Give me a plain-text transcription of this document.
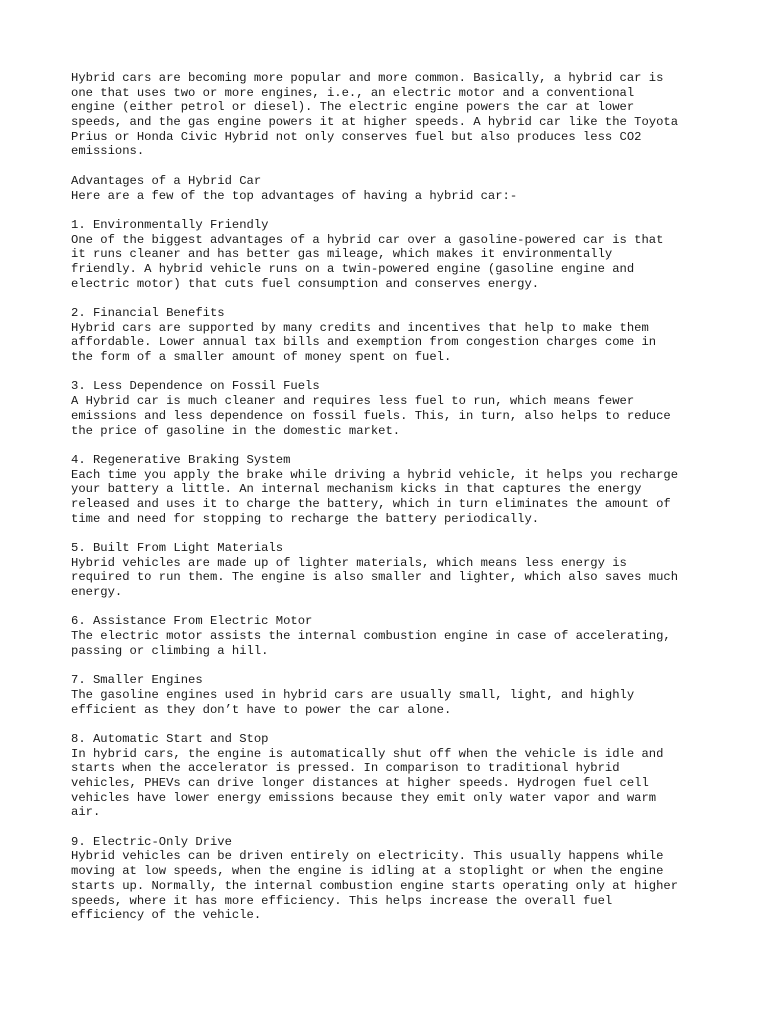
Hybrid cars are becoming more popular and more common. Basically, a hybrid car is
one that uses two or more engines, i.e., an electric motor and a conventional
engine (either petrol or diesel). The electric engine powers the car at lower
speeds, and the gas engine powers it at higher speeds. A hybrid car like the Toyota
Prius or Honda Civic Hybrid not only conserves fuel but also produces less CO2
emissions.
Advantages of a Hybrid Car
Here are a few of the top advantages of having a hybrid car:-
1. Environmentally Friendly
One of the biggest advantages of a hybrid car over a gasoline-powered car is that
it runs cleaner and has better gas mileage, which makes it environmentally
friendly. A hybrid vehicle runs on a twin-powered engine (gasoline engine and
electric motor) that cuts fuel consumption and conserves energy.
2. Financial Benefits
Hybrid cars are supported by many credits and incentives that help to make them
affordable. Lower annual tax bills and exemption from congestion charges come in
the form of a smaller amount of money spent on fuel.
3. Less Dependence on Fossil Fuels
A Hybrid car is much cleaner and requires less fuel to run, which means fewer
emissions and less dependence on fossil fuels. This, in turn, also helps to reduce
the price of gasoline in the domestic market.
4. Regenerative Braking System
Each time you apply the brake while driving a hybrid vehicle, it helps you recharge
your battery a little. An internal mechanism kicks in that captures the energy
released and uses it to charge the battery, which in turn eliminates the amount of
time and need for stopping to recharge the battery periodically.
5. Built From Light Materials
Hybrid vehicles are made up of lighter materials, which means less energy is
required to run them. The engine is also smaller and lighter, which also saves much
energy.
6. Assistance From Electric Motor
The electric motor assists the internal combustion engine in case of accelerating,
passing or climbing a hill.
7. Smaller Engines
The gasoline engines used in hybrid cars are usually small, light, and highly
efficient as they don’t have to power the car alone.
8. Automatic Start and Stop
In hybrid cars, the engine is automatically shut off when the vehicle is idle and
starts when the accelerator is pressed. In comparison to traditional hybrid
vehicles, PHEVs can drive longer distances at higher speeds. Hydrogen fuel cell
vehicles have lower energy emissions because they emit only water vapor and warm
air.
9. Electric-Only Drive
Hybrid vehicles can be driven entirely on electricity. This usually happens while
moving at low speeds, when the engine is idling at a stoplight or when the engine
starts up. Normally, the internal combustion engine starts operating only at higher
speeds, where it has more efficiency. This helps increase the overall fuel
efficiency of the vehicle.
